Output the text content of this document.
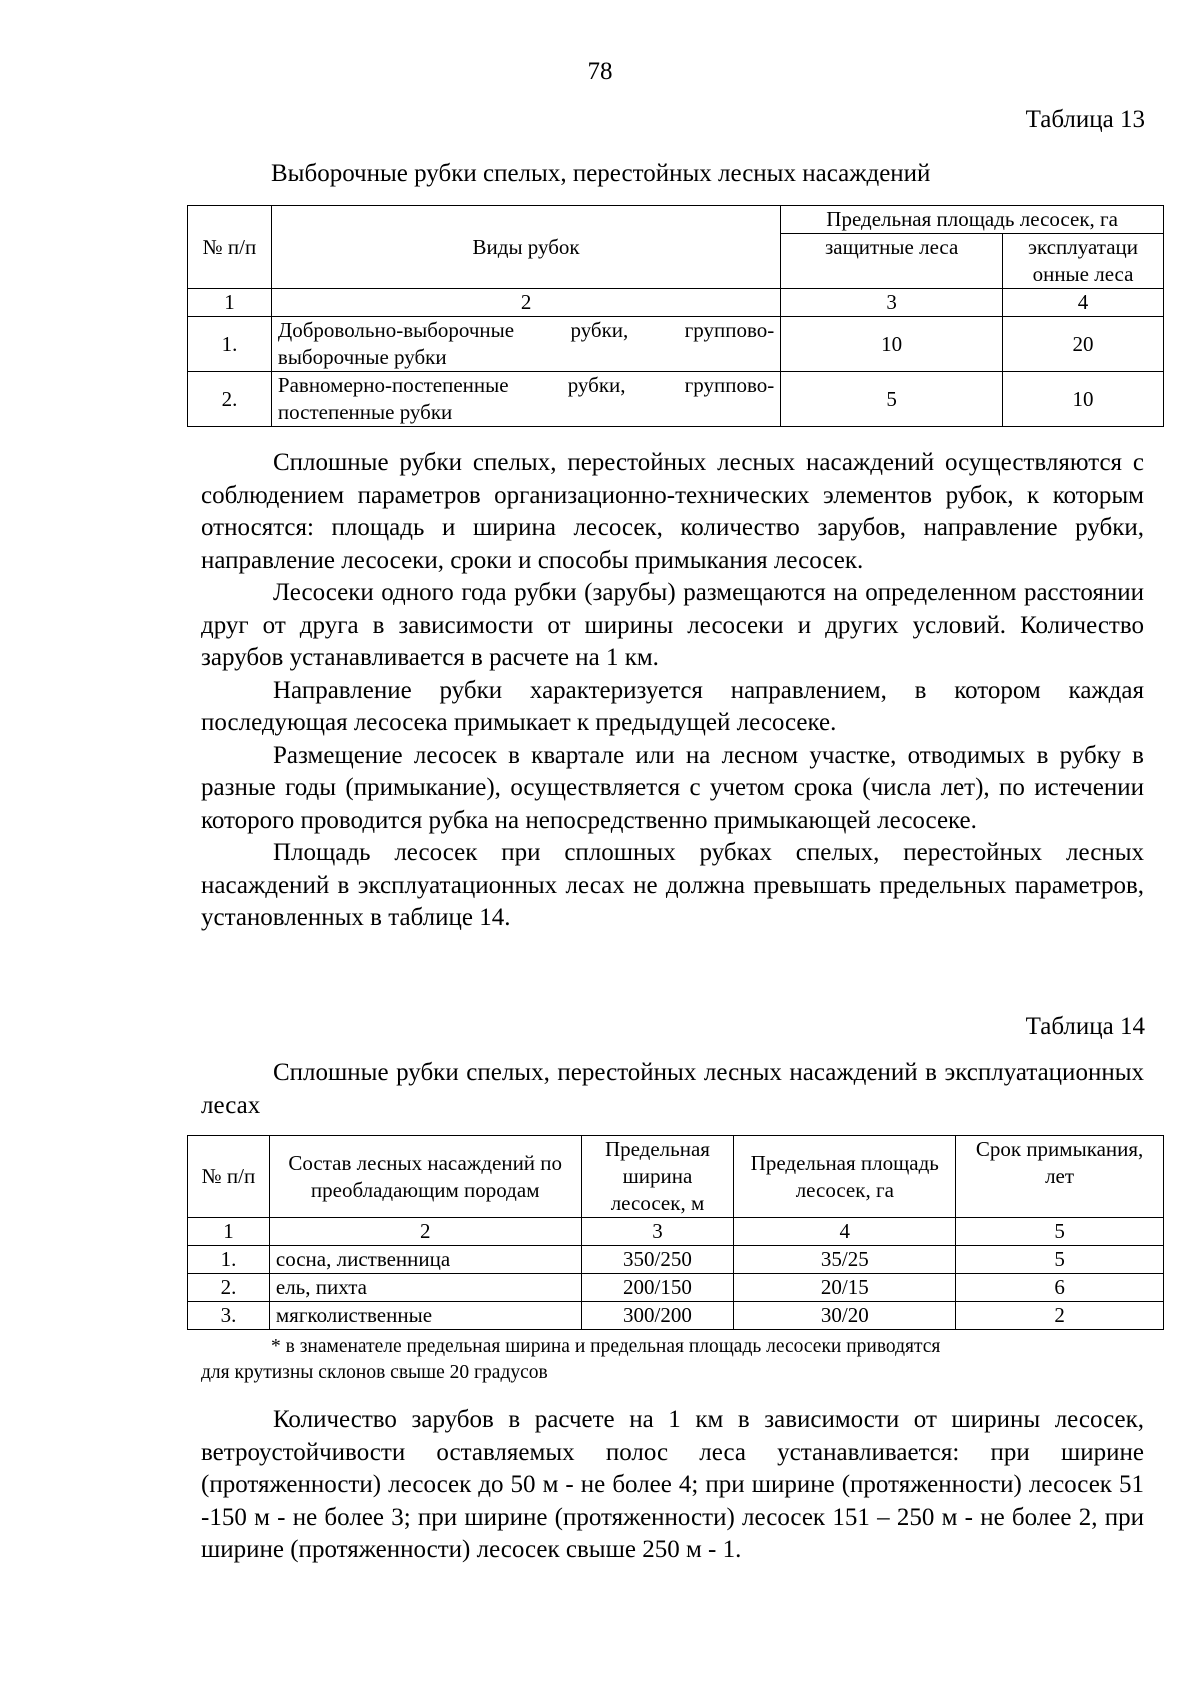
78
Таблица 13
Выборочные рубки спелых, перестойных лесных насаждений
№ п/п	Виды рубок	Предельная площадь лесосек, га	
		защитные леса	эксплуатаци онные леса
1	2	3	4
1.	Добровольно-выборочные рубки, группово-выборочные рубки	10	20
2.	Равномерно-постепенные рубки, группово-постепенные рубки	5	10

Сплошные рубки спелых, перестойных лесных насаждений осуществляются с соблюдением параметров организационно-технических элементов рубок, к которым относятся: площадь и ширина лесосек, количество зарубов, направление рубки, направление лесосеки, сроки и способы примыкания лесосек.

Лесосеки одного года рубки (зарубы) размещаются на определенном расстоянии друг от друга в зависимости от ширины лесосеки и других условий. Количество зарубов устанавливается в расчете на 1 км.

Направление рубки характеризуется направлением, в котором каждая последующая лесосека примыкает к предыдущей лесосеке.

Размещение лесосек в квартале или на лесном участке, отводимых в рубку в разные годы (примыкание), осуществляется с учетом срока (числа лет), по истечении которого проводится рубка на непосредственно примыкающей лесосеке.

Площадь лесосек при сплошных рубках спелых, перестойных лесных насаждений в эксплуатационных лесах не должна превышать предельных параметров, установленных в таблице 14.

Таблица 14

Сплошные рубки спелых, перестойных лесных насаждений в эксплуатационных лесах

№ п/п	Состав лесных насаждений по преобладающим породам	Предельная ширина лесосек, м	Предельная площадь лесосек, га	Срок примыкания, лет
1	2	3	4	5
1.	сосна, лиственница	350/250	35/25	5
2.	ель, пихта	200/150	20/15	6
3.	мягколиственные	300/200	30/20	2
* в знаменателе предельная ширина и предельная площадь лесосеки приводятся
для крутизны склонов свыше 20 градусов

Количество зарубов в расчете на 1 км в зависимости от ширины лесосек, ветроустойчивости оставляемых полос леса устанавливается: при ширине (протяженности) лесосек до 50 м - не более 4; при ширине (протяженности) лесосек 51 -150 м - не более 3; при ширине (протяженности) лесосек 151 – 250 м - не более 2, при ширине (протяженности) лесосек свыше 250 м - 1.
